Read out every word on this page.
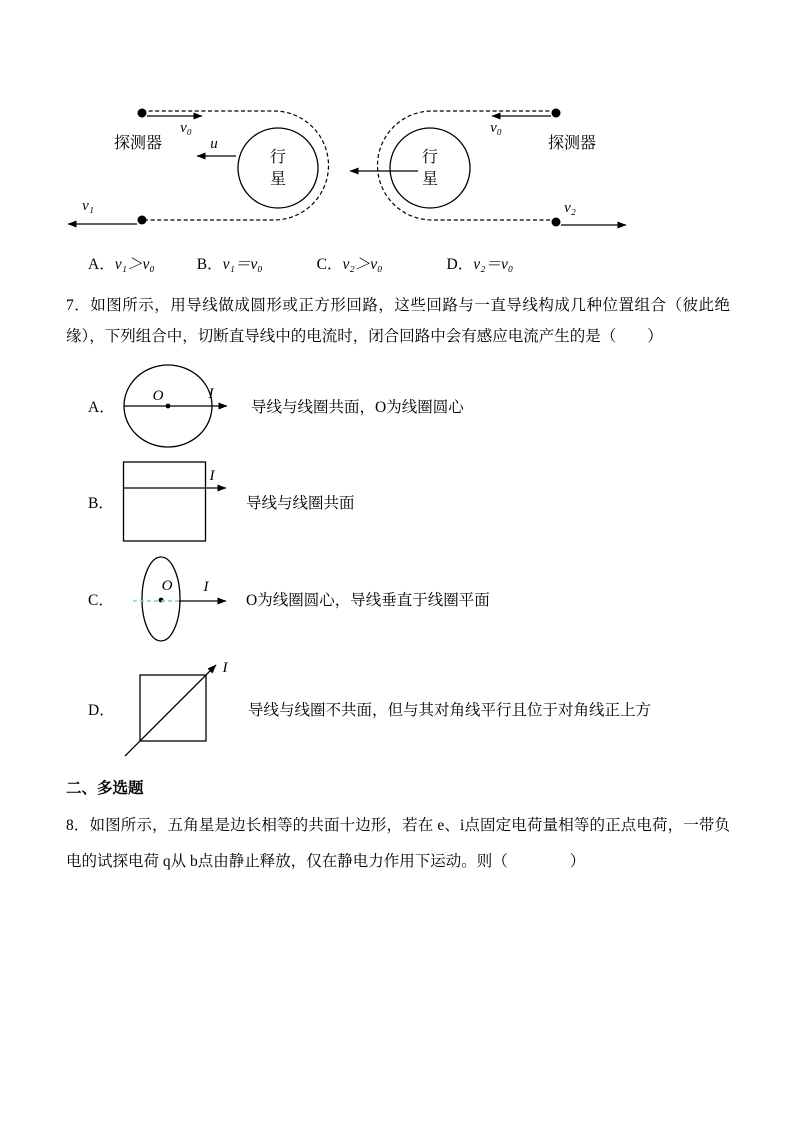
v₀
探测器	u
行
星
v₁
v₀
探测器
行
星
v₂
A．v₁＞v₀	B．v₁＝v₀	C．v₂＞v₀	D．v₂＝v₀

7．如图所示，用导线做成圆形或正方形回路，这些回路与一直导线构成几种位置组合（彼此绝缘），下列组合中，切断直导线中的电流时，闭合回路中会有感应电流产生的是（　　）

A．
O	I
导线与线圈共面，O为线圈圆心
B．
I
导线与线圈共面
C．
O I
O为线圈圆心，导线垂直于线圈平面
D．
I
导线与线圈不共面，但与其对角线平行且位于对角线正上方

二、多选题

8．如图所示，五角星是边长相等的共面十边形，若在 e、i点固定电荷量相等的正点电荷，一带负电的试探电荷 q从 b点由静止释放，仅在静电力作用下运动。则（　　　　）
